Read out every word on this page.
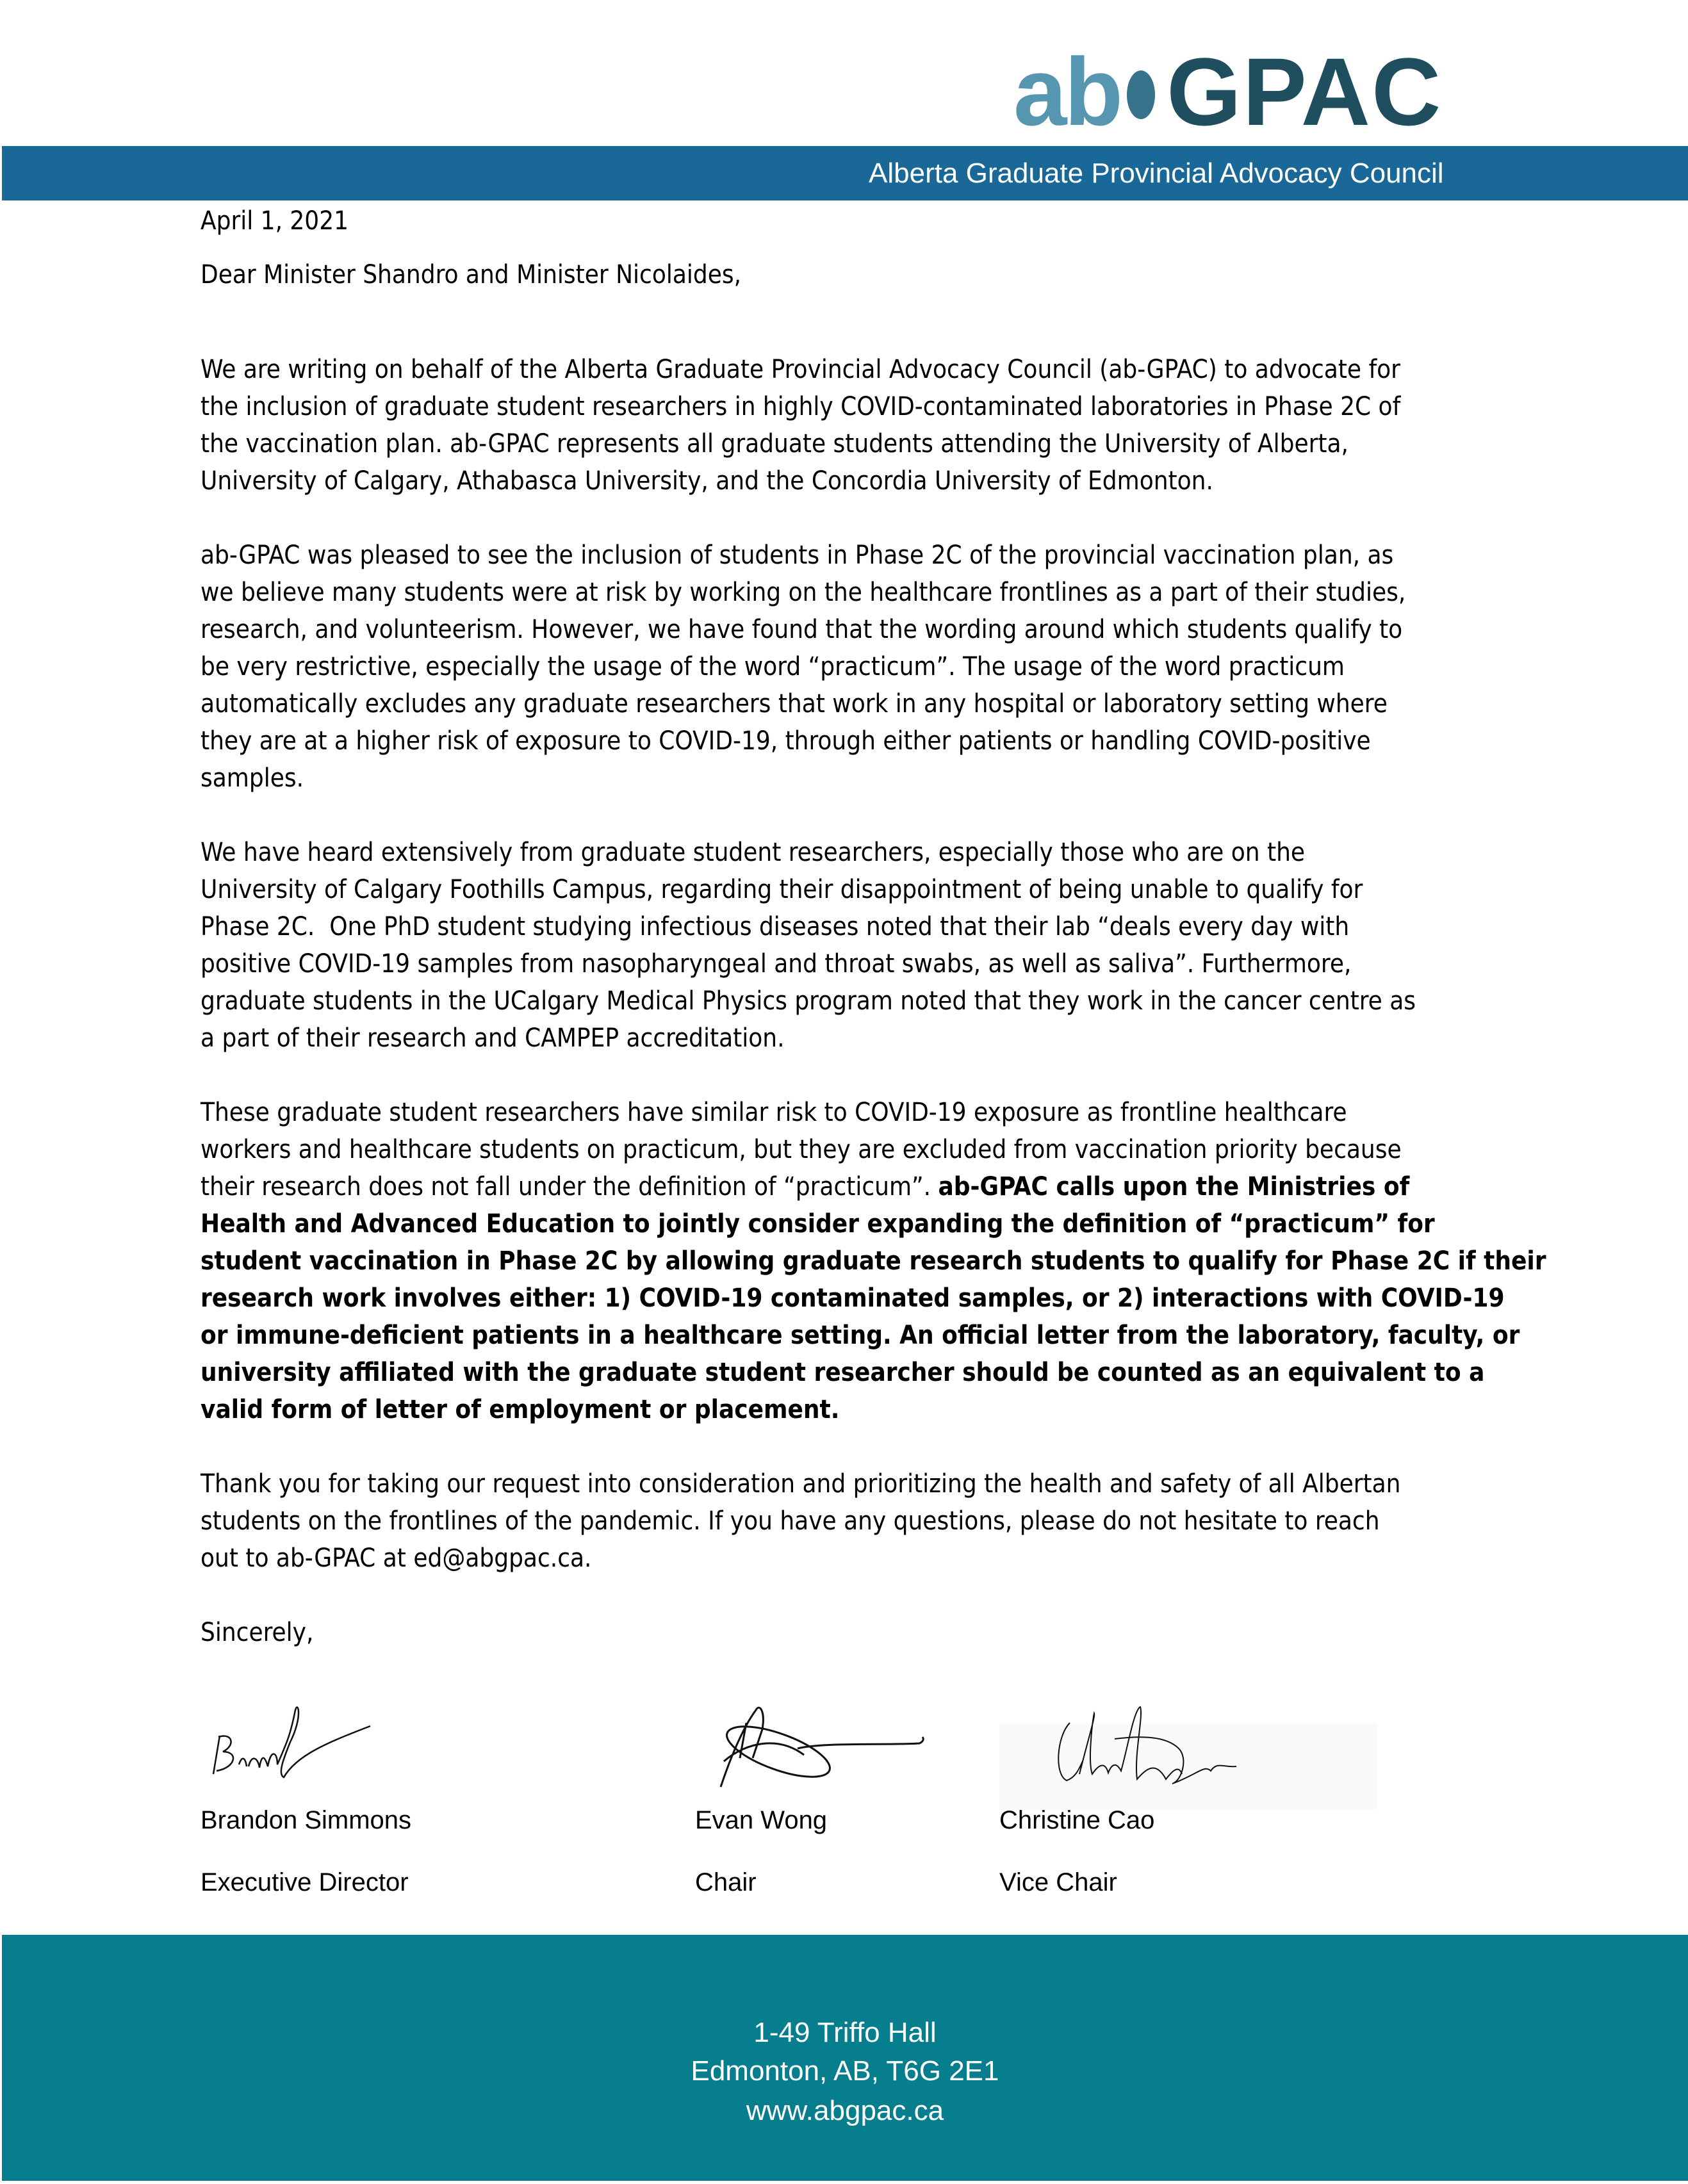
ab GPAC
Alberta Graduate Provincial Advocacy Council

April 1, 2021

Dear Minister Shandro and Minister Nicolaides,

We are writing on behalf of the Alberta Graduate Provincial Advocacy Council (ab-GPAC) to advocate for
the inclusion of graduate student researchers in highly COVID-contaminated laboratories in Phase 2C of
the vaccination plan. ab-GPAC represents all graduate students attending the University of Alberta,
University of Calgary, Athabasca University, and the Concordia University of Edmonton.

ab-GPAC was pleased to see the inclusion of students in Phase 2C of the provincial vaccination plan, as
we believe many students were at risk by working on the healthcare frontlines as a part of their studies,
research, and volunteerism. However, we have found that the wording around which students qualify to
be very restrictive, especially the usage of the word “practicum”. The usage of the word practicum
automatically excludes any graduate researchers that work in any hospital or laboratory setting where
they are at a higher risk of exposure to COVID-19, through either patients or handling COVID-positive
samples.

We have heard extensively from graduate student researchers, especially those who are on the
University of Calgary Foothills Campus, regarding their disappointment of being unable to qualify for
Phase 2C.  One PhD student studying infectious diseases noted that their lab “deals every day with
positive COVID-19 samples from nasopharyngeal and throat swabs, as well as saliva”. Furthermore,
graduate students in the UCalgary Medical Physics program noted that they work in the cancer centre as
a part of their research and CAMPEP accreditation.

These graduate student researchers have similar risk to COVID-19 exposure as frontline healthcare
workers and healthcare students on practicum, but they are excluded from vaccination priority because
their research does not fall under the definition of “practicum”. ab-GPAC calls upon the Ministries of
Health and Advanced Education to jointly consider expanding the definition of “practicum” for
student vaccination in Phase 2C by allowing graduate research students to qualify for Phase 2C if their
research work involves either: 1) COVID-19 contaminated samples, or 2) interactions with COVID-19
or immune-deficient patients in a healthcare setting. An official letter from the laboratory, faculty, or
university affiliated with the graduate student researcher should be counted as an equivalent to a
valid form of letter of employment or placement.

Thank you for taking our request into consideration and prioritizing the health and safety of all Albertan
students on the frontlines of the pandemic. If you have any questions, please do not hesitate to reach
out to ab-GPAC at ed@abgpac.ca.

Sincerely,

Brandon Simmons
Executive Director
Evan Wong
Chair
Christine Cao
Vice Chair
1-49 Triffo Hall
Edmonton, AB, T6G 2E1
www.abgpac.ca
